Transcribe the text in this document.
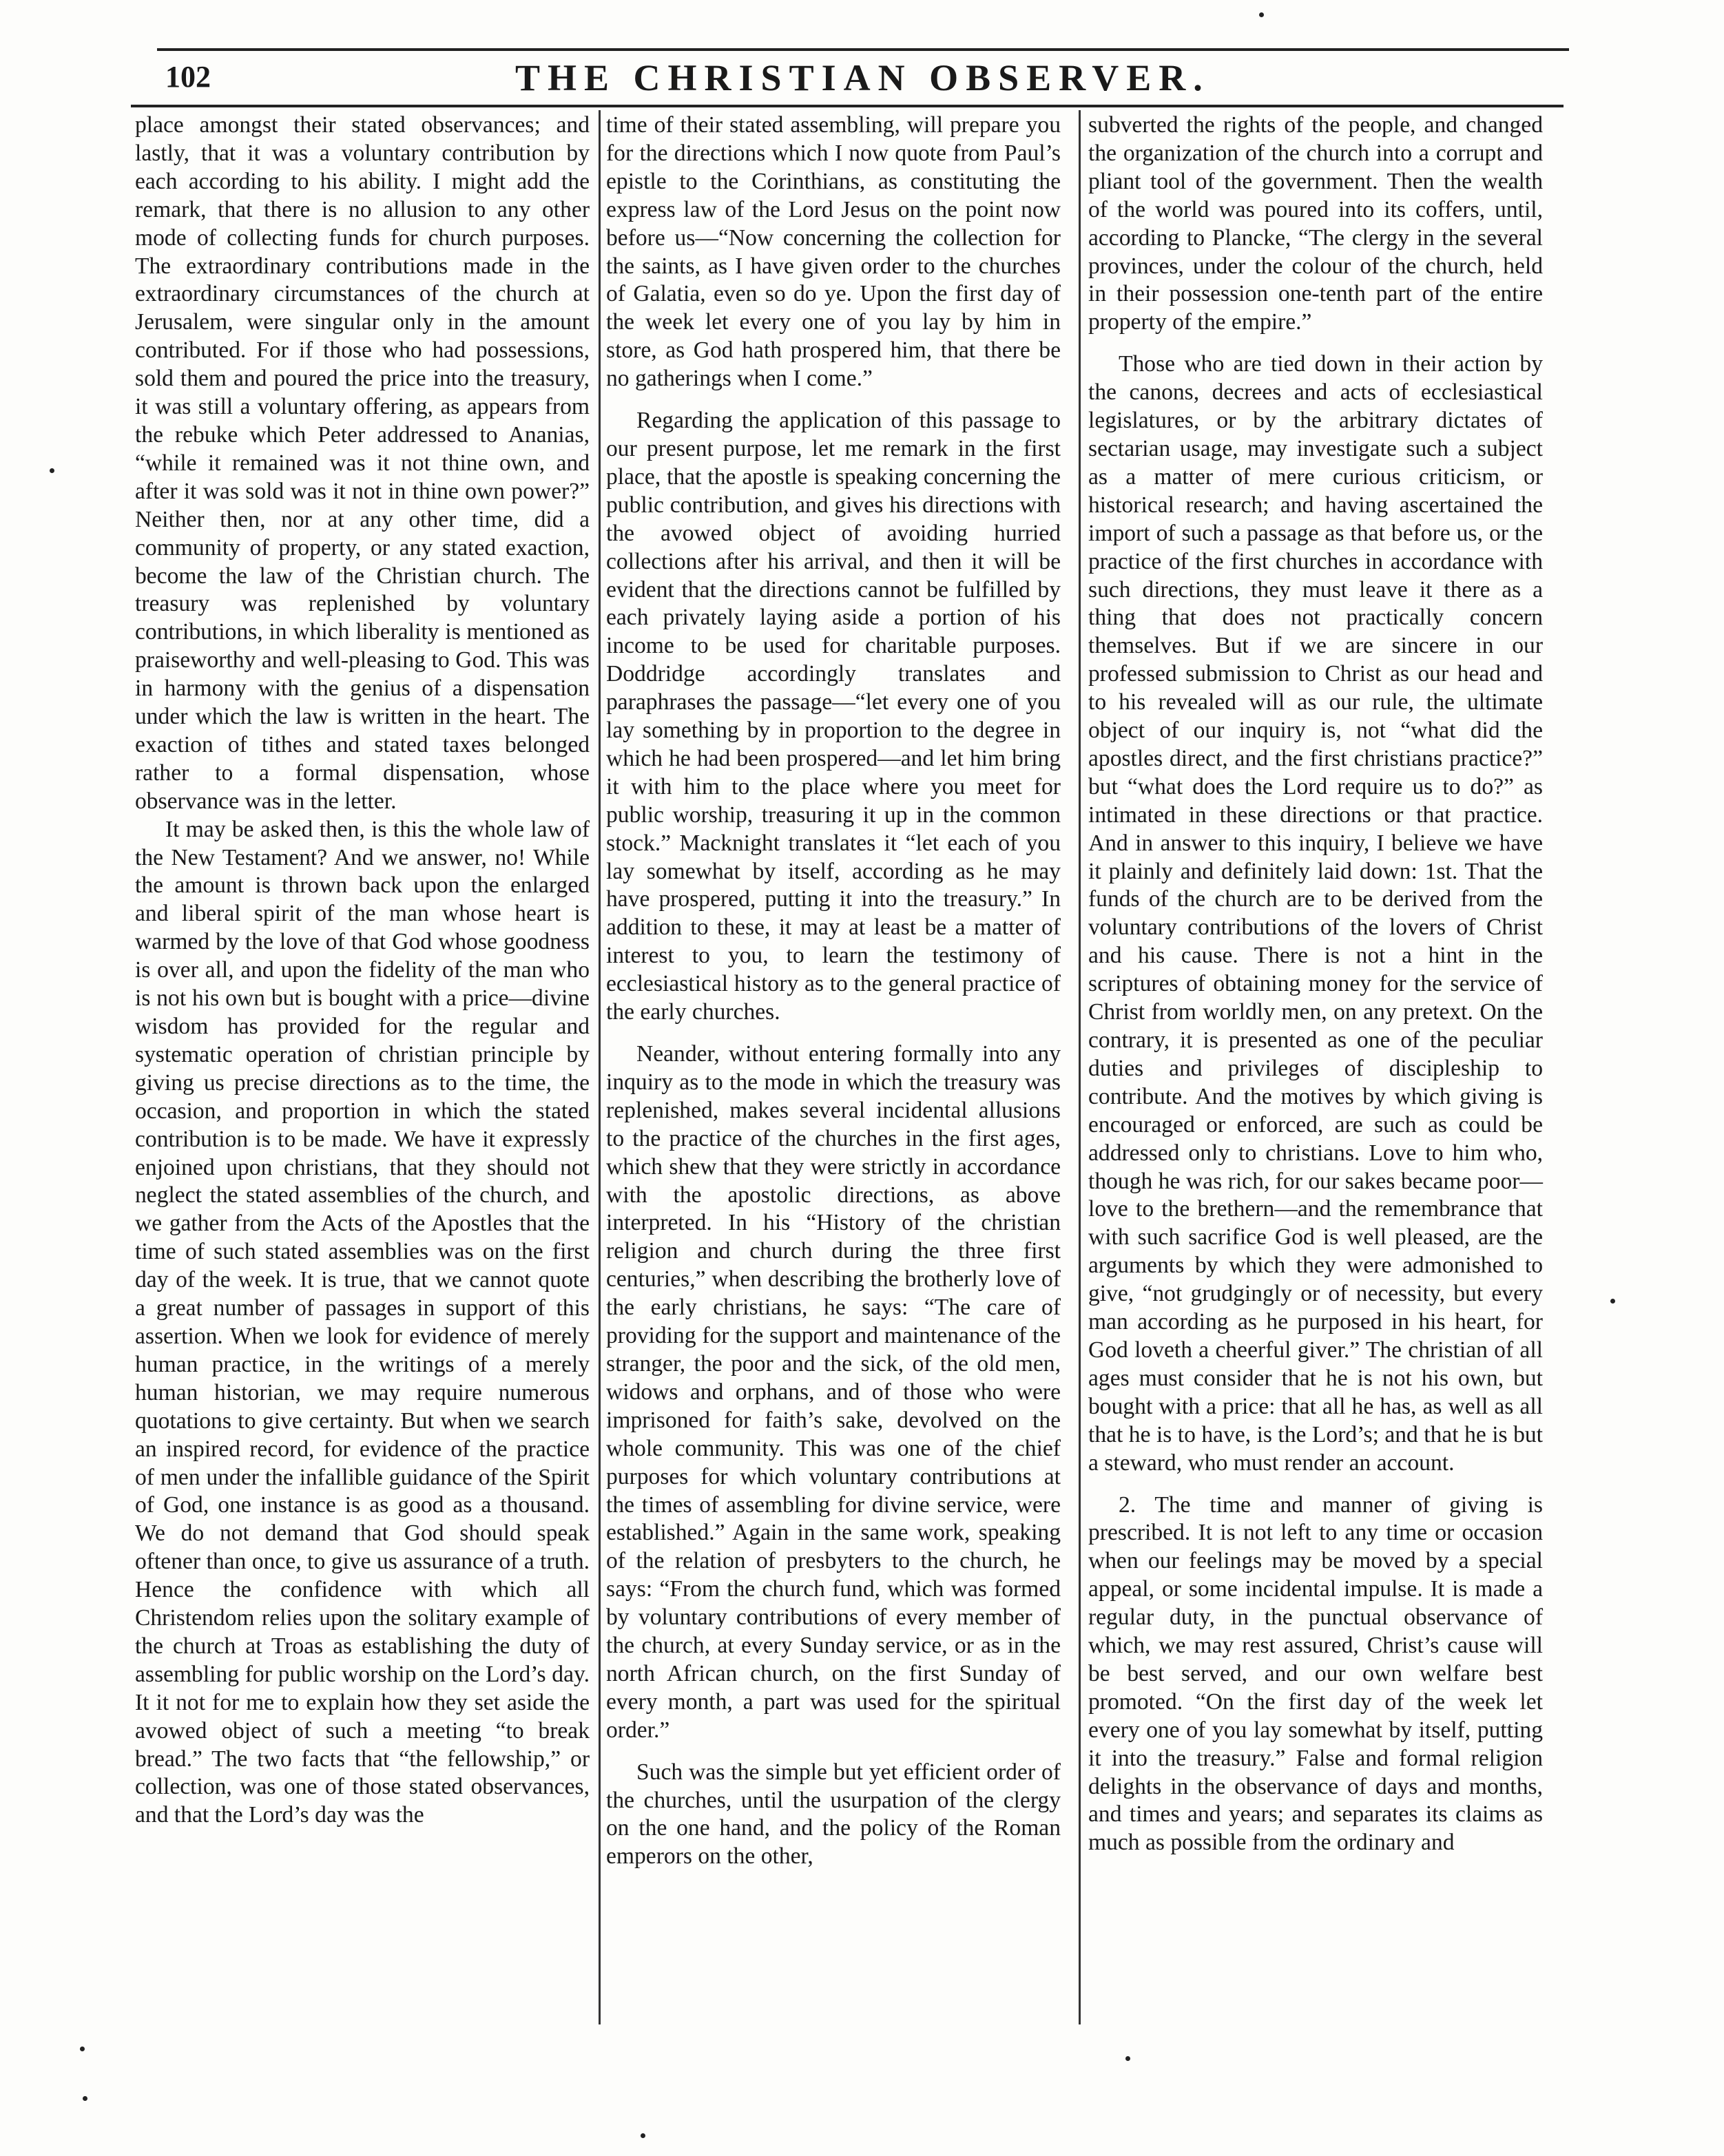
102	THE CHRISTIAN OBSERVER.

place amongst their stated observances; and lastly, that it was a voluntary contribution by each according to his ability. I might add the remark, that there is no allusion to any other mode of collecting funds for church purposes. The extraordinary contributions made in the extraordinary circumstances of the church at Jerusalem, were singular only in the amount contributed. For if those who had possessions, sold them and poured the price into the treasury, it was still a voluntary offering, as appears from the rebuke which Peter addressed to Ananias, “while it remained was it not thine own, and after it was sold was it not in thine own power?” Neither then, nor at any other time, did a community of property, or any stated exaction, become the law of the Christian church. The treasury was replenished by voluntary contributions, in which liberality is mentioned as praiseworthy and well-pleasing to God. This was in harmony with the genius of a dispensation under which the law is written in the heart. The exaction of tithes and stated taxes belonged rather to a formal dispensation, whose observance was in the letter.

It may be asked then, is this the whole law of the New Testament? And we answer, no! While the amount is thrown back upon the enlarged and liberal spirit of the man whose heart is warmed by the love of that God whose goodness is over all, and upon the fidelity of the man who is not his own but is bought with a price—divine wisdom has provided for the regular and systematic operation of christian principle by giving us precise directions as to the time, the occasion, and proportion in which the stated contribution is to be made. We have it expressly enjoined upon christians, that they should not neglect the stated assemblies of the church, and we gather from the Acts of the Apostles that the time of such stated assemblies was on the first day of the week. It is true, that we cannot quote a great number of passages in support of this assertion. When we look for evidence of merely human practice, in the writings of a merely human historian, we may require numerous quotations to give certainty. But when we search an inspired record, for evidence of the practice of men under the infallible guidance of the Spirit of God, one instance is as good as a thousand. We do not demand that God should speak oftener than once, to give us assurance of a truth. Hence the confidence with which all Christendom relies upon the solitary example of the church at Troas as establishing the duty of assembling for public worship on the Lord’s day. It it not for me to explain how they set aside the avowed object of such a meeting “to break bread.” The two facts that “the fellowship,” or collection, was one of those stated observances, and that the Lord’s day was the

time of their stated assembling, will prepare you for the directions which I now quote from Paul’s epistle to the Corinthians, as constituting the express law of the Lord Jesus on the point now before us—“Now concerning the collection for the saints, as I have given order to the churches of Galatia, even so do ye. Upon the first day of the week let every one of you lay by him in store, as God hath prospered him, that there be no gatherings when I come.”

Regarding the application of this passage to our present purpose, let me remark in the first place, that the apostle is speaking concerning the public contribution, and gives his directions with the avowed object of avoiding hurried collections after his arrival, and then it will be evident that the directions cannot be fulfilled by each privately laying aside a portion of his income to be used for charitable purposes. Doddridge accordingly translates and paraphrases the passage—“let every one of you lay something by in proportion to the degree in which he had been prospered—and let him bring it with him to the place where you meet for public worship, treasuring it up in the common stock.” Macknight translates it “let each of you lay somewhat by itself, according as he may have prospered, putting it into the treasury.” In addition to these, it may at least be a matter of interest to you, to learn the testimony of ecclesiastical history as to the general practice of the early churches.

Neander, without entering formally into any inquiry as to the mode in which the treasury was replenished, makes several incidental allusions to the practice of the churches in the first ages, which shew that they were strictly in accordance with the apostolic directions, as above interpreted. In his “History of the christian religion and church during the three first centuries,” when describing the brotherly love of the early christians, he says: “The care of providing for the support and maintenance of the stranger, the poor and the sick, of the old men, widows and orphans, and of those who were imprisoned for faith’s sake, devolved on the whole community. This was one of the chief purposes for which voluntary contributions at the times of assembling for divine service, were established.” Again in the same work, speaking of the relation of presbyters to the church, he says: “From the church fund, which was formed by voluntary contributions of every member of the church, at every Sunday service, or as in the north African church, on the first Sunday of every month, a part was used for the spiritual order.”

Such was the simple but yet efficient order of the churches, until the usurpation of the clergy on the one hand, and the policy of the Roman emperors on the other,

subverted the rights of the people, and changed the organization of the church into a corrupt and pliant tool of the government. Then the wealth of the world was poured into its coffers, until, according to Plancke, “The clergy in the several provinces, under the colour of the church, held in their possession one-tenth part of the entire property of the empire.”

Those who are tied down in their action by the canons, decrees and acts of ecclesiastical legislatures, or by the arbitrary dictates of sectarian usage, may investigate such a subject as a matter of mere curious criticism, or historical research; and having ascertained the import of such a passage as that before us, or the practice of the first churches in accordance with such directions, they must leave it there as a thing that does not practically concern themselves. But if we are sincere in our professed submission to Christ as our head and to his revealed will as our rule, the ultimate object of our inquiry is, not “what did the apostles direct, and the first christians practice?” but “what does the Lord require us to do?” as intimated in these directions or that practice. And in answer to this inquiry, I believe we have it plainly and definitely laid down: 1st. That the funds of the church are to be derived from the voluntary contributions of the lovers of Christ and his cause. There is not a hint in the scriptures of obtaining money for the service of Christ from worldly men, on any pretext. On the contrary, it is presented as one of the peculiar duties and privileges of discipleship to contribute. And the motives by which giving is encouraged or enforced, are such as could be addressed only to christians. Love to him who, though he was rich, for our sakes became poor—love to the brethern—and the remembrance that with such sacrifice God is well pleased, are the arguments by which they were admonished to give, “not grudgingly or of necessity, but every man according as he purposed in his heart, for God loveth a cheerful giver.” The christian of all ages must consider that he is not his own, but bought with a price: that all he has, as well as all that he is to have, is the Lord’s; and that he is but a steward, who must render an account.

2. The time and manner of giving is prescribed. It is not left to any time or occasion when our feelings may be moved by a special appeal, or some incidental impulse. It is made a regular duty, in the punctual observance of which, we may rest assured, Christ’s cause will be best served, and our own welfare best promoted. “On the first day of the week let every one of you lay somewhat by itself, putting it into the treasury.” False and formal religion delights in the observance of days and months, and times and years; and separates its claims as much as possible from the ordinary and
